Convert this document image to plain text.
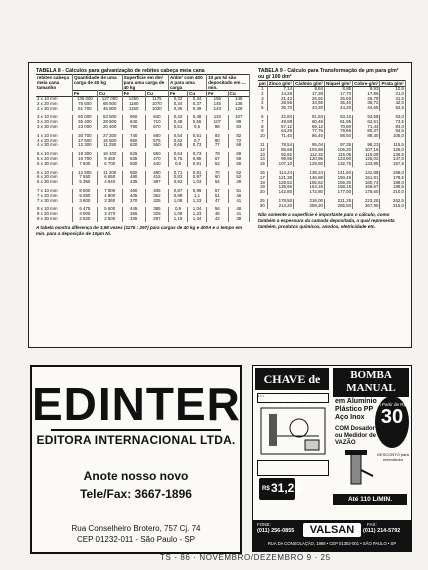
TABELA 8 - Cálculos para galvanização de rebites cabeça meia cana
rebites cabeça meia cana tamanho	Quantidade de uma carga de 40 kg		Superfície em dm² para uma carga de 40 kg		A/dm² com 400 A para uma carga		10 µm Ni são depositado em ... min.	
	Fe	Cu	Fe	Cu	Fe	Cu	Fe	Cu
2 x 10 mm	135 000	127 000	1250	1175	0,32	0,34	155	145
2 x 20 mm	75 500	68 500	1180	1070	0,34	0,37	145	136
2 x 30 mm	51 700	46 800	1150	1020	0,35	0,39	143	128

3 x 10 mm	60 000	53 500	960	840	0,42	0,48	119	107
3 x 20 mm	35 400	28 500	840	710	0,48	0,56	107	89
3 x 30 mm	23 000	20 400	790	670	0,51	0,6	98	83

4 x 10 mm	30 700	27 200	740	660	0,54	0,61	93	82
4 x 20 mm	17 600	15 500	650	575	0,62	0,7	80	72
4 x 30 mm	12 300	11 250	620	550	0,65	0,73	77	68

5 x 10 mm	18 300	16 100	625	550	0,64	0,73	78	68
5 x 20 mm	10 700	9 450	535	470	0,75	0,85	67	59
5 x 30 mm	7 600	6 700	500	440	0,8	0,91	62	55

6 x 10 mm	12 900	11 200	560	490	0,71	0,81	70	62
6 x 20 mm	7 550	6 650	480	415	0,83	0,97	60	52
6 x 30 mm	5 350	4 640	435	387	0,92	1,03	54	49

7 x 10 mm	8 900	7 800	460	405	0,87	0,99	57	51
7 x 20 mm	5 350	4 800	405	362	0,99	1,1	51	46
7 x 30 mm	3 800	3 360	370	325	1,08	1,23	47	41

8 x 10 mm	6 475	5 600	445	385	0,9	1,04	56	48
8 x 20 mm	3 900	3 470	366	325	1,09	1,23	46	41
8 x 30 mm	2 820	2 500	335	297	1,19	1,34	42	38
A tabela mostra diferença de 3,98 vezes (1175 : 297) para cargas de 40 kg e 400A e o tempo em min. para a deposição de 10µm Ni.
TABELA 9 - Cálculo para Transformação de µm para g/m² ou g/ 100 dm²
µm	Zinco g/m²	Cádmio g/m²	Níquel g/m²	Cobre g/m²	Prata g/m²
1	7,14	8,64	8,85	8,93	10,5
2	14,28	17,28	17,70	17,86	21,0
3	21,42	25,92	26,55	26,79	31,5
4	28,56	34,56	35,40	35,72	42,0
5	35,70	43,20	44,25	44,65	52,5

6	42,84	51,84	53,10	53,58	63,0
7	49,98	60,48	61,95	62,51	73,5
8	57,12	69,12	70,80	71,44	84,0
9	64,26	77,76	79,65	80,37	94,5
10	71,40	86,40	88,50	89,30	105,0

11	78,54	95,04	97,35	98,23	115,5
12	85,68	103,68	106,20	107,16	126,0
13	92,82	112,32	115,05	116,09	136,5
14	99,96	120,96	123,90	125,02	147,0
15	107,10	129,60	132,75	133,95	157,5

16	114,24	138,24	141,60	142,88	168,0
17	121,38	146,88	150,45	151,81	178,5
18	128,52	155,52	159,30	160,74	189,0
19	135,66	164,16	168,15	169,67	199,5
20	142,80	172,80	177,00	178,60	210,0

25	178,50	216,00	221,25	223,25	262,5
30	214,20	259,20	265,50	267,90	315,0
Não somente a superfície é importante para o cálculo, como também a espessura da camada depositada, a qual representa também, produtos químicos, anodos, eletricidade etc.
EDINTER
EDITORA INTERNACIONAL LTDA.
Anote nosso novo
Tele/Fax: 3667-1896
Rua Conselheiro Brotero, 757 Cj. 74
CEP 01232-011 - São Paulo - SP
CHAVE de NÍVEL
• • •
R$ 31,20
BOMBA MANUAL
em Alumínio Plástico PP Aço Inox
COM Dosador ou Medidor de VAZÃO
A Partir de R$
30
DESCONTO para revendedor
Até 110 L/MIN.
FONE:
(011) 256-0855	VALSAN	FAX:
(011) 214-5792
RUA DA CONSOLAÇÃO, 1986 • CEP 01302-001 • SÃO PAULO • SP
TS - 86 · NOVEMBRO/DEZEMBRO 9 · 25
